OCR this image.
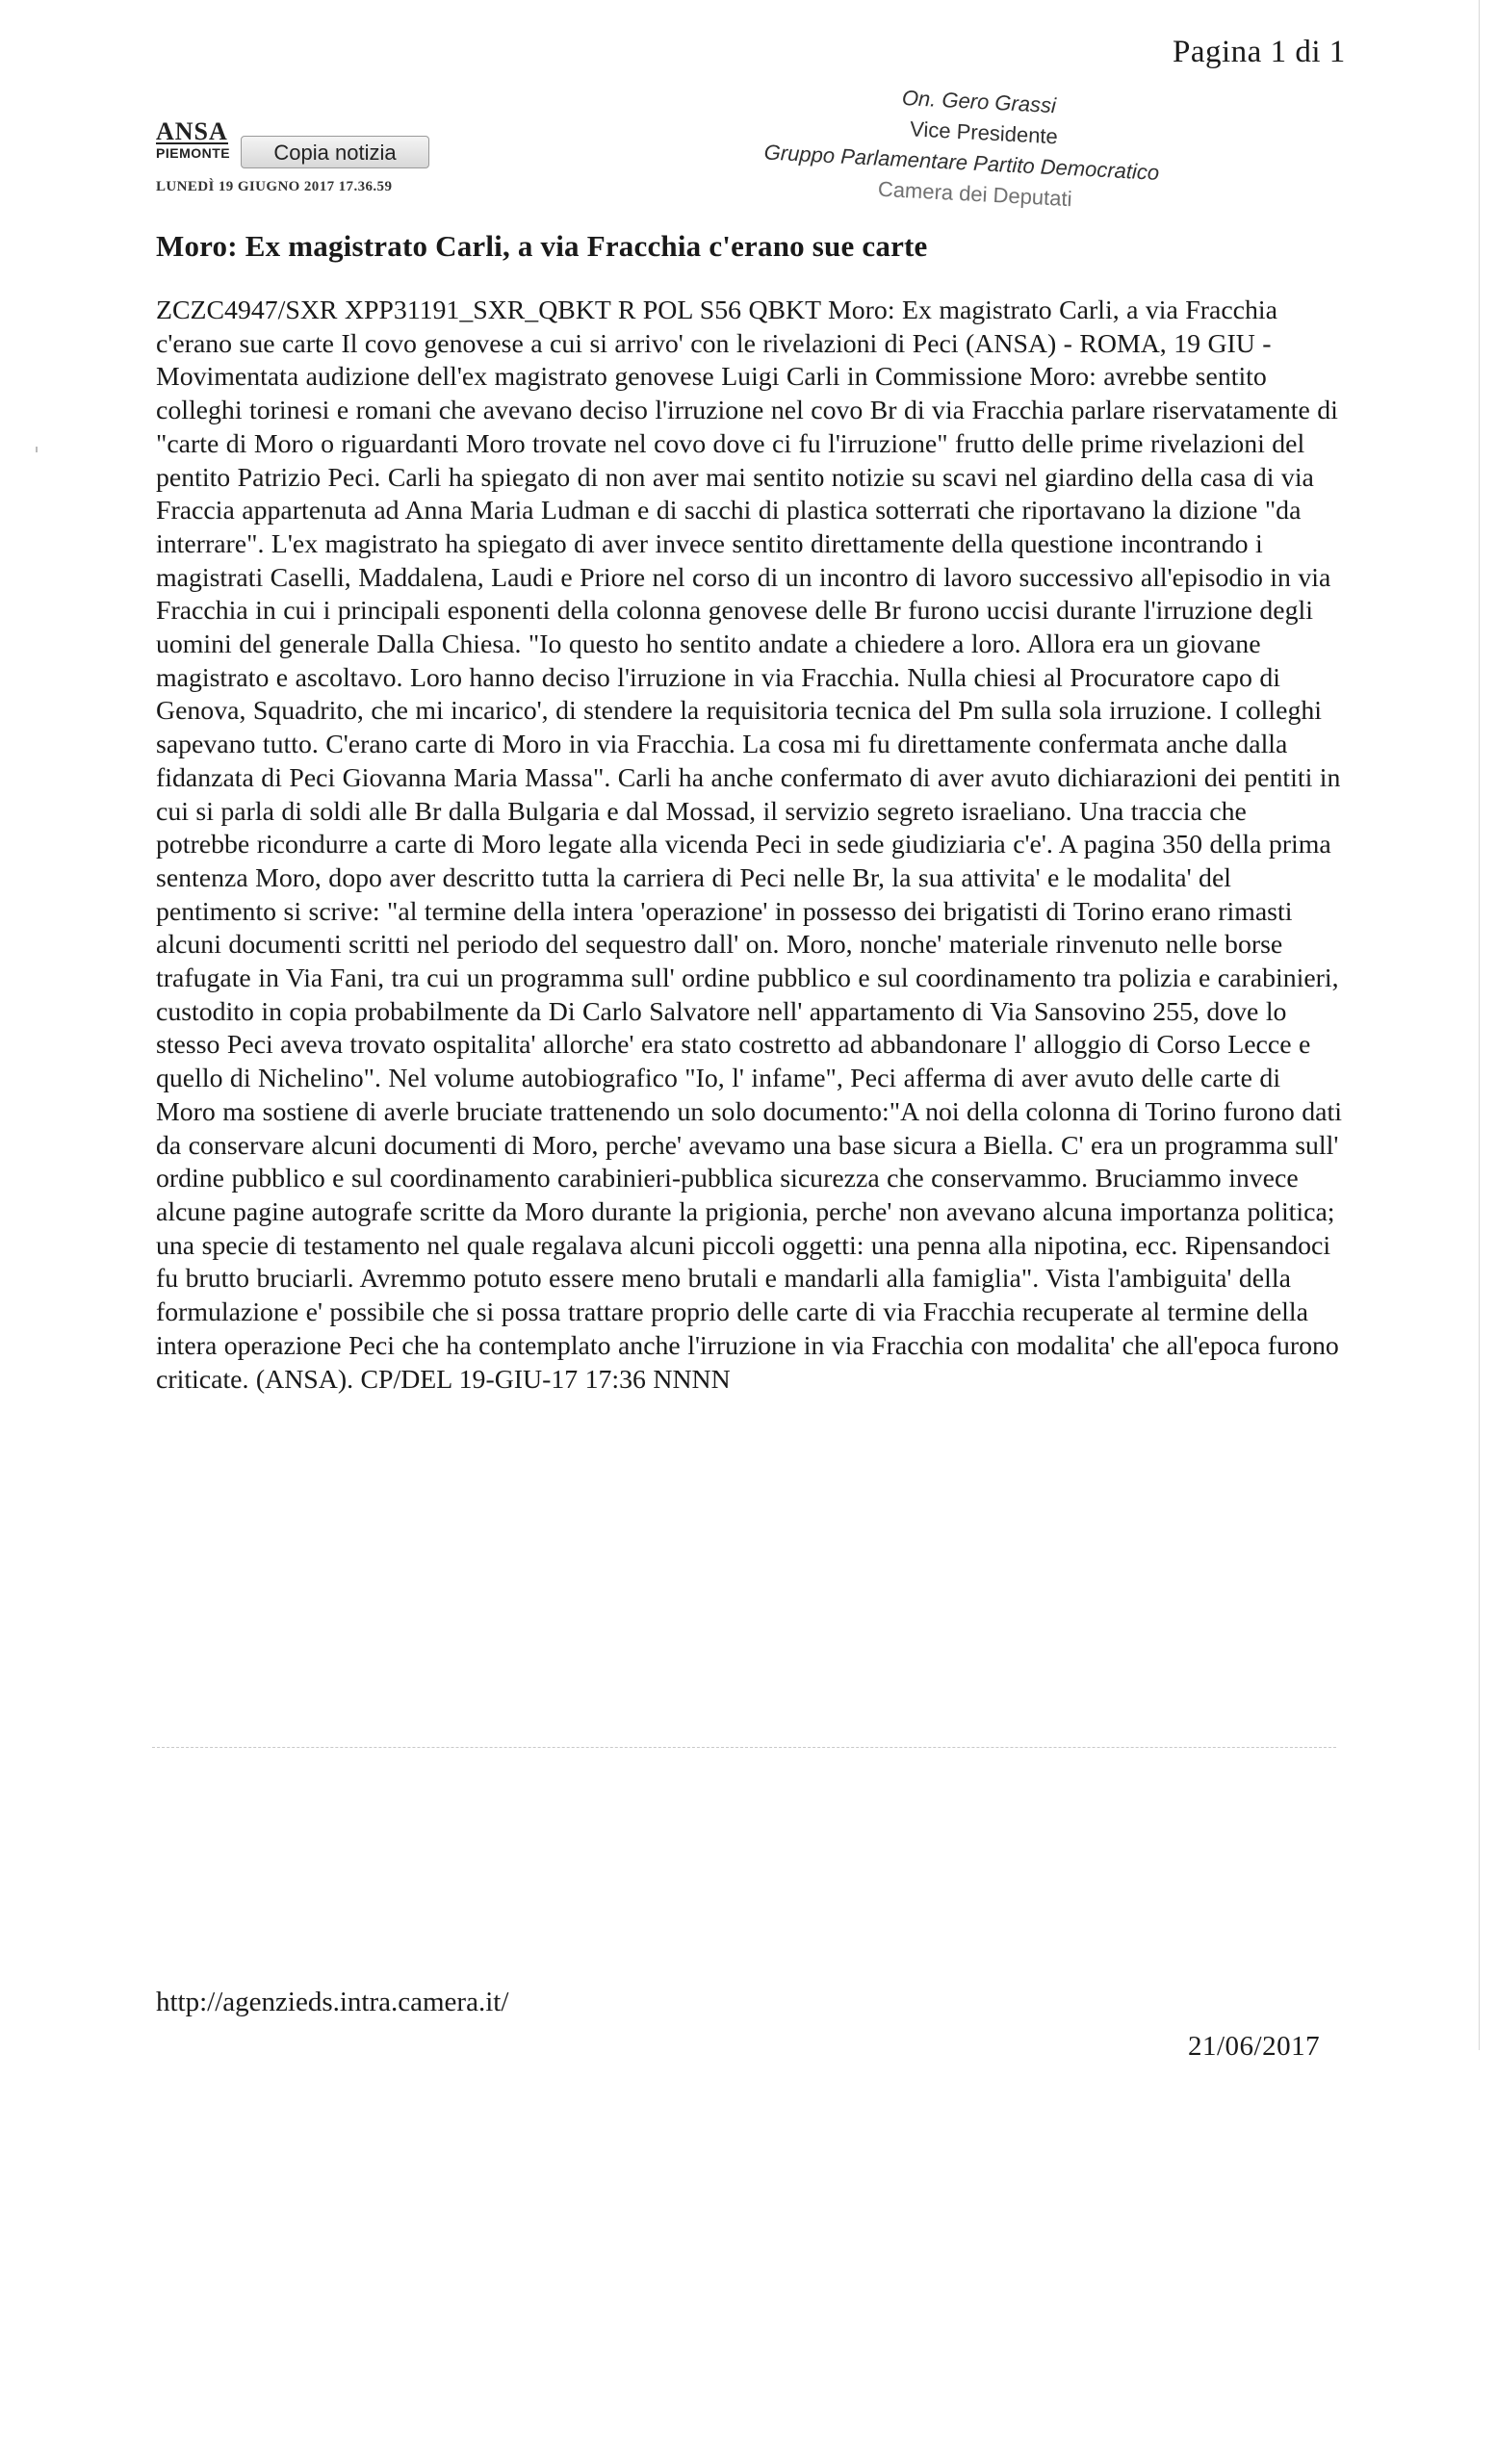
Pagina 1 di 1
On. Gero Grassi
Vice Presidente
Gruppo Parlamentare Partito Democratico
Camera dei Deputati
ANSA
PIEMONTE	Copia notizia
LUNEDÌ 19 GIUGNO 2017 17.36.59
Moro: Ex magistrato Carli, a via Fracchia c'erano sue carte

ZCZC4947/SXR XPP31191_SXR_QBKT R POL S56 QBKT Moro: Ex magistrato Carli, a via Fracchia c'erano sue carte Il covo genovese a cui si arrivo' con le rivelazioni di Peci (ANSA) - ROMA, 19 GIU - Movimentata audizione dell'ex magistrato genovese Luigi Carli in Commissione Moro: avrebbe sentito colleghi torinesi e romani che avevano deciso l'irruzione nel covo Br di via Fracchia parlare riservatamente di "carte di Moro o riguardanti Moro trovate nel covo dove ci fu l'irruzione" frutto delle prime rivelazioni del pentito Patrizio Peci. Carli ha spiegato di non aver mai sentito notizie su scavi nel giardino della casa di via Fraccia appartenuta ad Anna Maria Ludman e di sacchi di plastica sotterrati che riportavano la dizione "da interrare". L'ex magistrato ha spiegato di aver invece sentito direttamente della questione incontrando i magistrati Caselli, Maddalena, Laudi e Priore nel corso di un incontro di lavoro successivo all'episodio in via Fracchia in cui i principali esponenti della colonna genovese delle Br furono uccisi durante l'irruzione degli uomini del generale Dalla Chiesa. "Io questo ho sentito andate a chiedere a loro. Allora era un giovane magistrato e ascoltavo. Loro hanno deciso l'irruzione in via Fracchia. Nulla chiesi al Procuratore capo di Genova, Squadrito, che mi incarico', di stendere la requisitoria tecnica del Pm sulla sola irruzione. I colleghi sapevano tutto. C'erano carte di Moro in via Fracchia. La cosa mi fu direttamente confermata anche dalla fidanzata di Peci Giovanna Maria Massa". Carli ha anche confermato di aver avuto dichiarazioni dei pentiti in cui si parla di soldi alle Br dalla Bulgaria e dal Mossad, il servizio segreto israeliano. Una traccia che potrebbe ricondurre a carte di Moro legate alla vicenda Peci in sede giudiziaria c'e'. A pagina 350 della prima sentenza Moro, dopo aver descritto tutta la carriera di Peci nelle Br, la sua attivita' e le modalita' del pentimento si scrive: "al termine della intera 'operazione' in possesso dei brigatisti di Torino erano rimasti alcuni documenti scritti nel periodo del sequestro dall' on. Moro, nonche' materiale rinvenuto nelle borse trafugate in Via Fani, tra cui un programma sull' ordine pubblico e sul coordinamento tra polizia e carabinieri, custodito in copia probabilmente da Di Carlo Salvatore nell' appartamento di Via Sansovino 255, dove lo stesso Peci aveva trovato ospitalita' allorche' era stato costretto ad abbandonare l' alloggio di Corso Lecce e quello di Nichelino". Nel volume autobiografico "Io, l' infame", Peci afferma di aver avuto delle carte di Moro ma sostiene di averle bruciate trattenendo un solo documento:"A noi della colonna di Torino furono dati da conservare alcuni documenti di Moro, perche' avevamo una base sicura a Biella. C' era un programma sull' ordine pubblico e sul coordinamento carabinieri-pubblica sicurezza che conservammo. Bruciammo invece alcune pagine autografe scritte da Moro durante la prigionia, perche' non avevano alcuna importanza politica; una specie di testamento nel quale regalava alcuni piccoli oggetti: una penna alla nipotina, ecc. Ripensandoci fu brutto bruciarli. Avremmo potuto essere meno brutali e mandarli alla famiglia". Vista l'ambiguita' della formulazione e' possibile che si possa trattare proprio delle carte di via Fracchia recuperate al termine della intera operazione Peci che ha contemplato anche l'irruzione in via Fracchia con modalita' che all'epoca furono criticate. (ANSA). CP/DEL 19-GIU-17 17:36 NNNN

http://agenzieds.intra.camera.it/
21/06/2017
